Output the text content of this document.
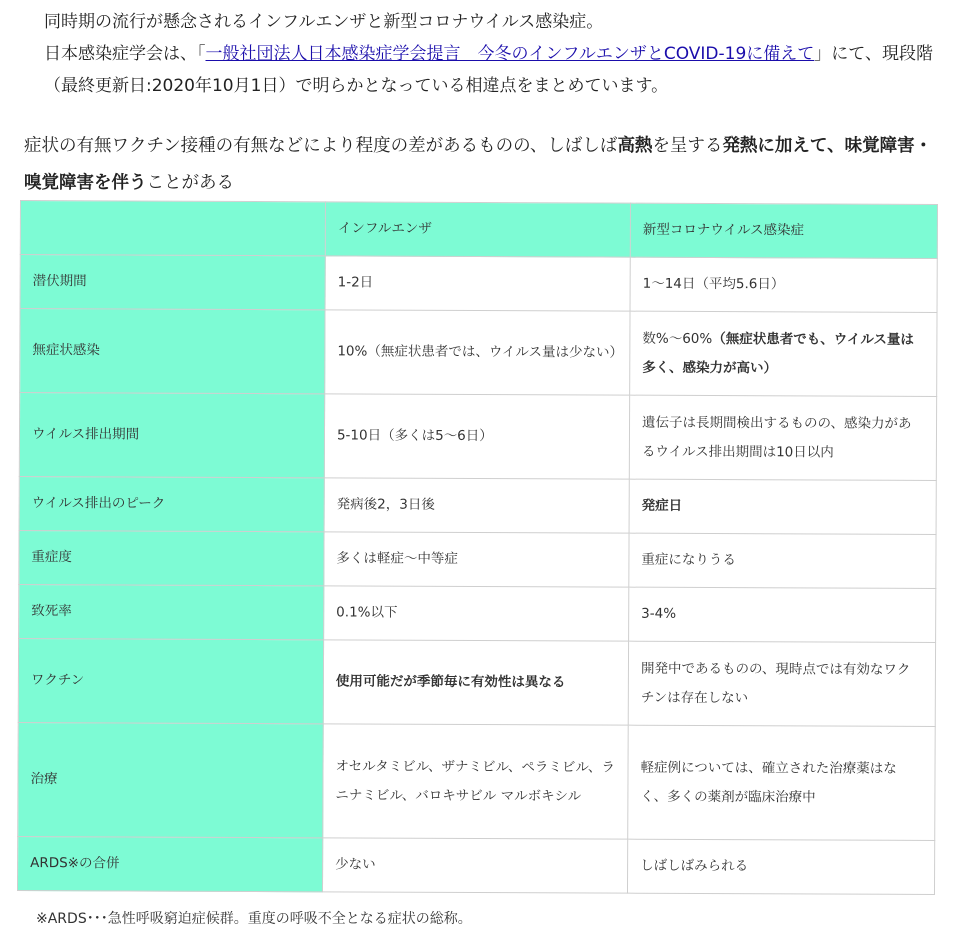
同時期の流行が懸念されるインフルエンザと新型コロナウイルス感染症。

日本感染症学会は、「一般社団法人日本感染症学会提言　今冬のインフルエンザとCOVID-19に備えて」にて、現段階（最終更新日:2020年10月1日）で明らかとなっている相違点をまとめています。

症状の有無ワクチン接種の有無などにより程度の差があるものの、しばしば高熱を呈する発熱に加えて、味覚障害・嗅覚障害を伴うことがある

	インフルエンザ	新型コロナウイルス感染症
潜伏期間	1-2日	1〜14日（平均5.6日）
無症状感染	10%（無症状患者では、ウイルス量は少ない）	数%〜60%（無症状患者でも、ウイルス量は多く、感染力が高い）
ウイルス排出期間	5-10日（多くは5〜6日）	遺伝子は長期間検出するものの、感染力があるウイルス排出期間は10日以内
ウイルス排出のピーク	発病後2，3日後	発症日
重症度	多くは軽症〜中等症	重症になりうる
致死率	0.1%以下	3-4%
ワクチン	使用可能だが季節毎に有効性は異なる	開発中であるものの、現時点では有効なワクチンは存在しない
治療	オセルタミビル、ザナミビル、ペラミビル、ラニナミビル、バロキサビル マルボキシル	軽症例については、確立された治療薬はなく、多くの薬剤が臨床治療中
ARDS※の合併	少ない	しばしばみられる
※ARDS･･･急性呼吸窮迫症候群。重度の呼吸不全となる症状の総称。
